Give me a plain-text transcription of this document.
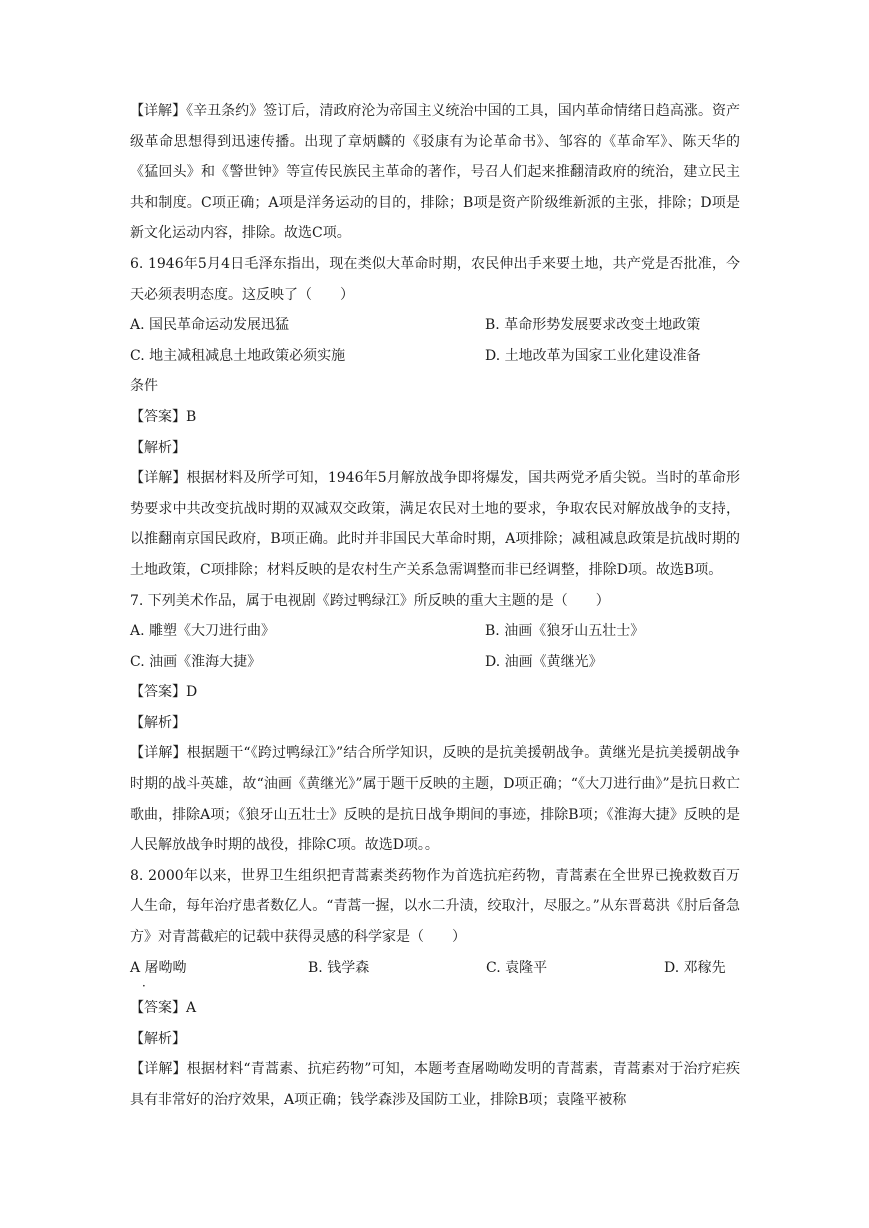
【详解】《辛丑条约》签订后，清政府沦为帝国主义统治中国的工具，国内革命情绪日趋高涨。资产级革命思想得到迅速传播。出现了章炳麟的《驳康有为论革命书》、邹容的《革命军》、陈天华的《猛回头》和《警世钟》等宣传民族民主革命的著作，号召人们起来推翻清政府的统治，建立民主共和制度。C项正确；A项是洋务运动的目的，排除；B项是资产阶级维新派的主张，排除；D项是新文化运动内容，排除。故选C项。

6. 1946年5月4日毛泽东指出，现在类似大革命时期，农民伸出手来要土地，共产党是否批准，今天必须表明态度。这反映了（　　）

A. 国民革命运动发展迅猛	B. 革命形势发展要求改变土地政策
C. 地主减租减息土地政策必须实施	D. 土地改革为国家工业化建设准备

条件

【答案】B

【解析】

【详解】根据材料及所学可知，1946年5月解放战争即将爆发，国共两党矛盾尖锐。当时的革命形势要求中共改变抗战时期的双减双交政策，满足农民对土地的要求，争取农民对解放战争的支持，以推翻南京国民政府，B项正确。此时并非国民大革命时期，A项排除；减租减息政策是抗战时期的土地政策，C项排除；材料反映的是农村生产关系急需调整而非已经调整，排除D项。故选B项。

7. 下列美术作品，属于电视剧《跨过鸭绿江》所反映的重大主题的是（　　）

A. 雕塑《大刀进行曲》	B. 油画《狼牙山五壮士》
C. 油画《淮海大捷》	D. 油画《黄继光》

【答案】D

【解析】

【详解】根据题干“《跨过鸭绿江》”结合所学知识，反映的是抗美援朝战争。黄继光是抗美援朝战争时期的战斗英雄，故“油画《黄继光》”属于题干反映的主题，D项正确；“《大刀进行曲》”是抗日救亡歌曲，排除A项；《狼牙山五壮士》反映的是抗日战争期间的事迹，排除B项；《淮海大捷》反映的是人民解放战争时期的战役，排除C项。故选D项。。

8. 2000年以来，世界卫生组织把青蒿素类药物作为首选抗疟药物，青蒿素在全世界已挽救数百万人生命，每年治疗患者数亿人。“青蒿一握，以水二升渍，绞取汁，尽服之。”从东晋葛洪《肘后备急方》对青蒿截疟的记载中获得灵感的科学家是（　　）

A 屠呦呦	B. 钱学森	C. 袁隆平	D. 邓稼先
．

【答案】A

【解析】

【详解】根据材料“青蒿素、抗疟药物”可知，本题考查屠呦呦发明的青蒿素，青蒿素对于治疗疟疾具有非常好的治疗效果，A项正确；钱学森涉及国防工业，排除B项；袁隆平被称
